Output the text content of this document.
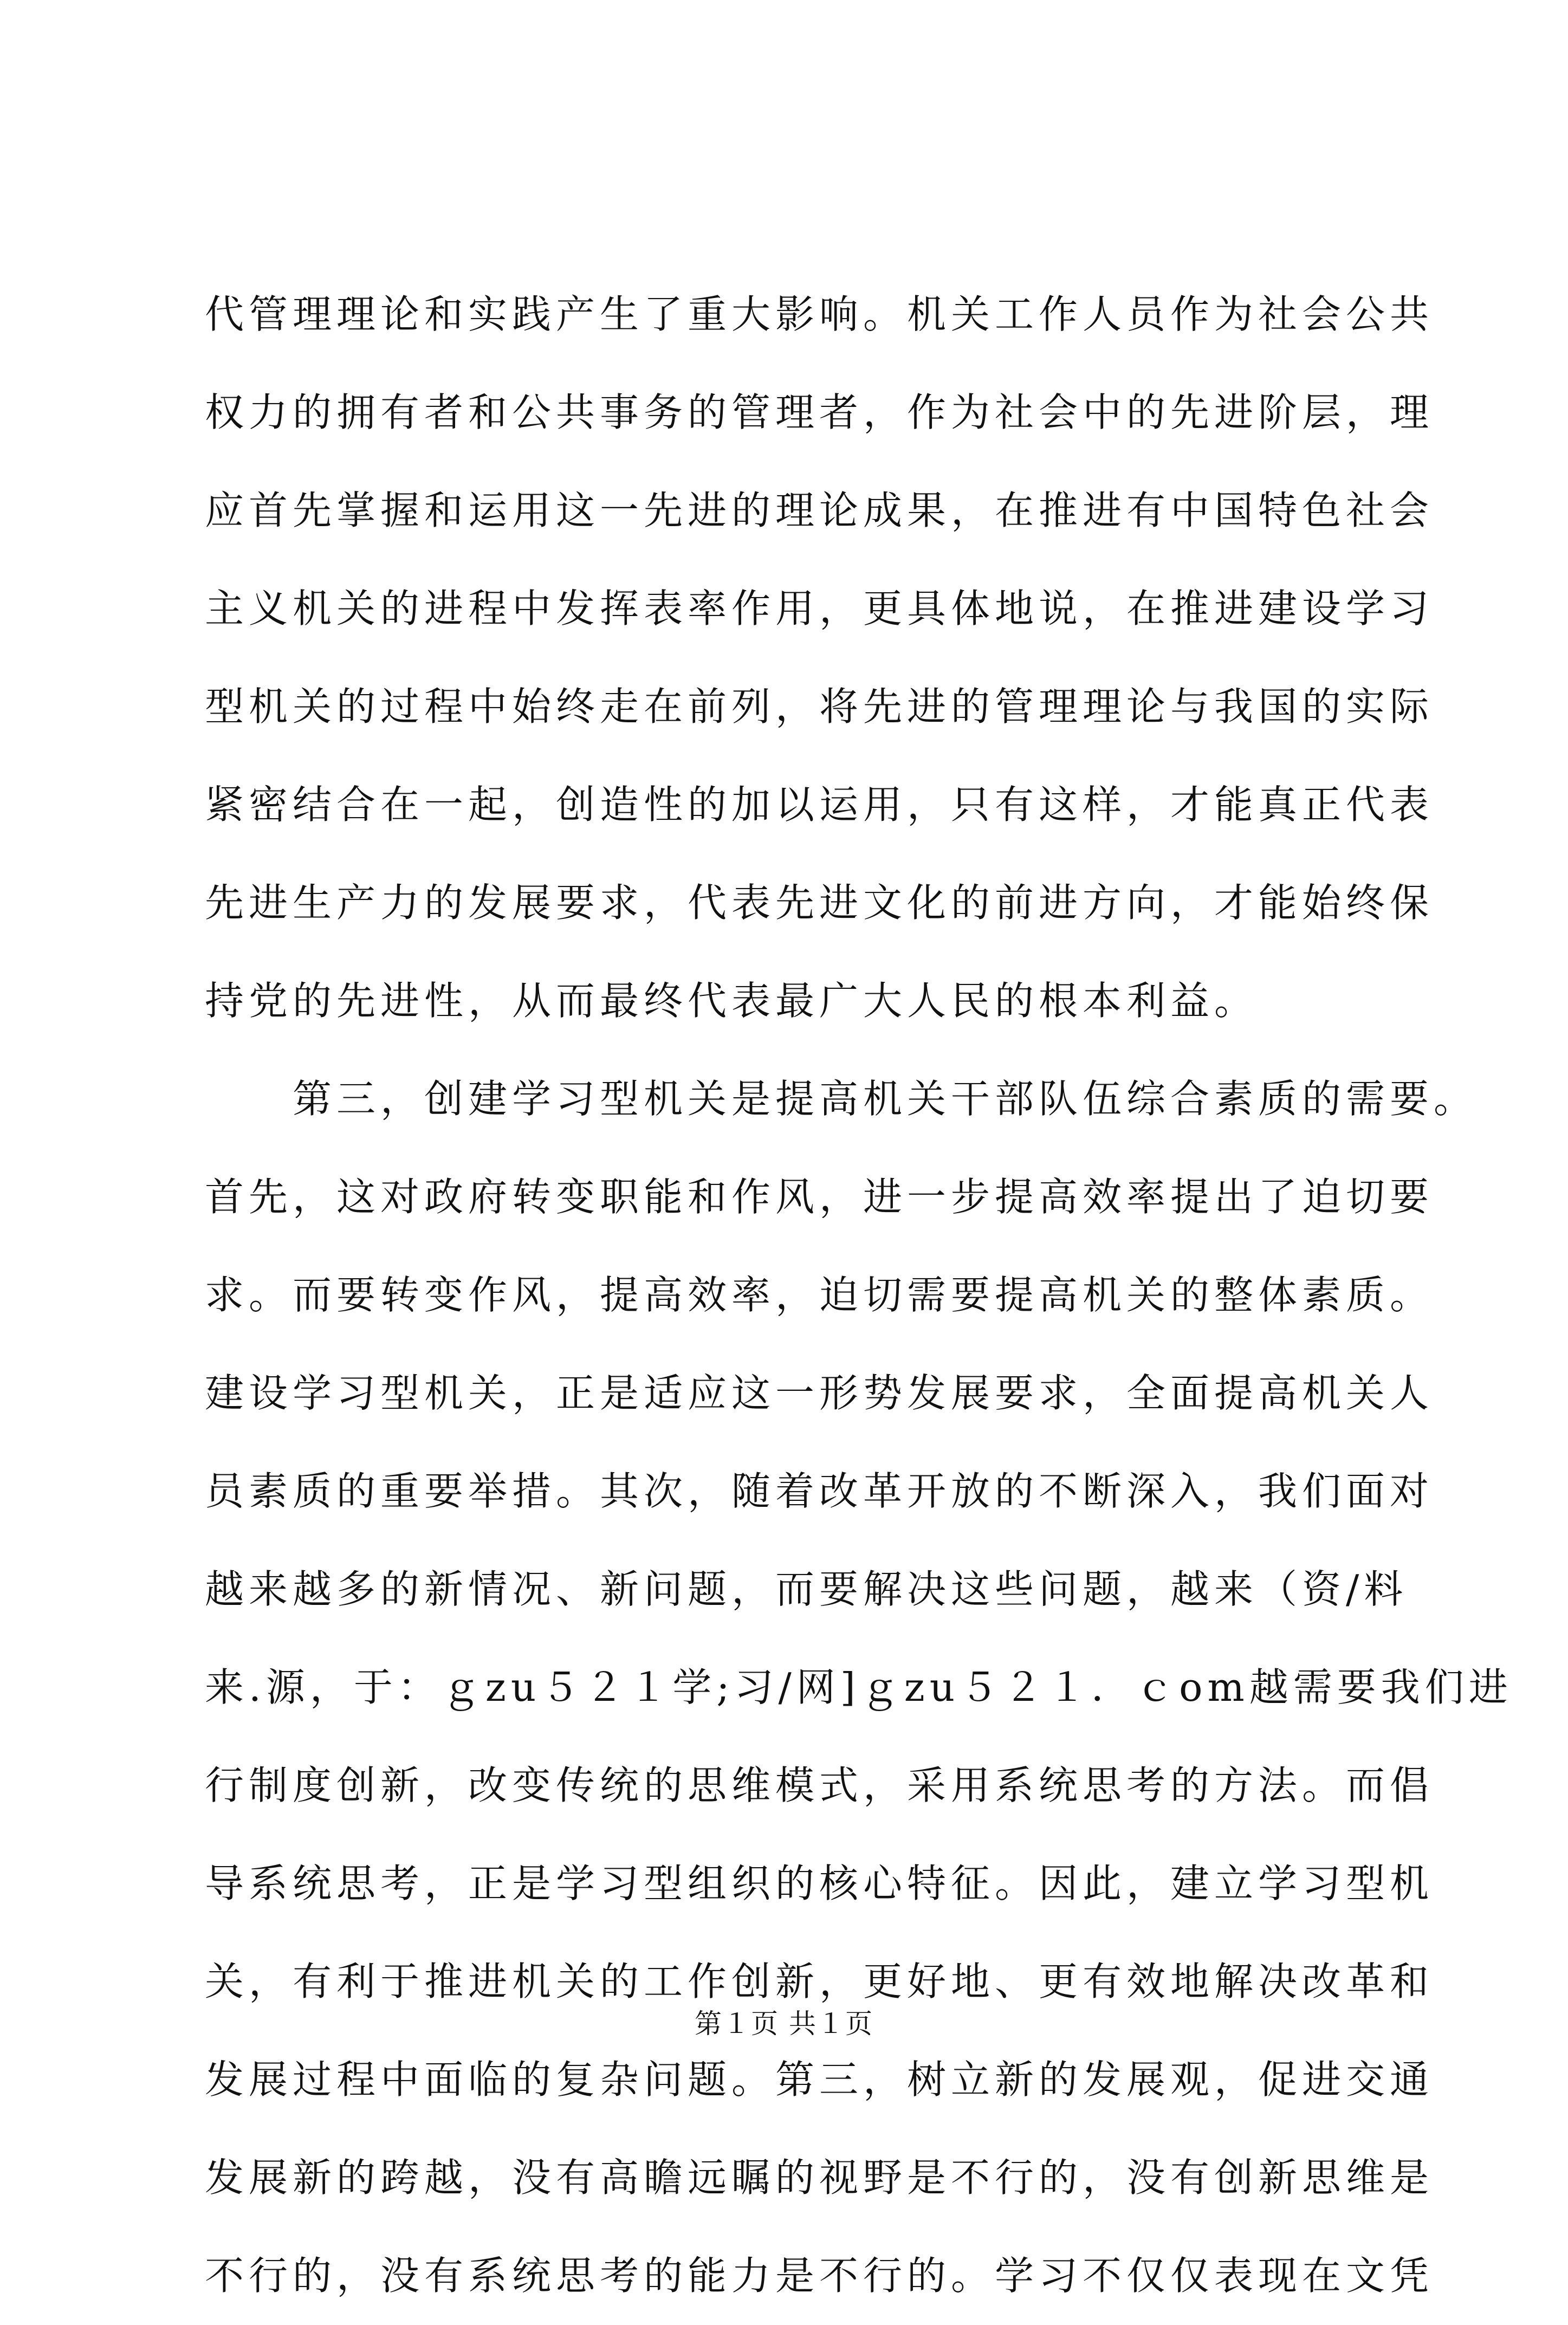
代管理理论和实践产生了重大影响。机关工作人员作为社会公共
权力的拥有者和公共事务的管理者，作为社会中的先进阶层，理
应首先掌握和运用这一先进的理论成果，在推进有中国特色社会
主义机关的进程中发挥表率作用，更具体地说，在推进建设学习
型机关的过程中始终走在前列，将先进的管理理论与我国的实际
紧密结合在一起，创造性的加以运用，只有这样，才能真正代表
先进生产力的发展要求，代表先进文化的前进方向，才能始终保
持党的先进性，从而最终代表最广大人民的根本利益。
　　第三，创建学习型机关是提高机关干部队伍综合素质的需要。
首先，这对政府转变职能和作风，进一步提高效率提出了迫切要
求。而要转变作风，提高效率，迫切需要提高机关的整体素质。
建设学习型机关，正是适应这一形势发展要求，全面提高机关人
员素质的重要举措。其次，随着改革开放的不断深入，我们面对
越来越多的新情况、新问题，而要解决这些问题，越来（资/料
来.源，于：ｇzu５２１学;习/网]ｇzu５２１．ｃom越需要我们进
行制度创新，改变传统的思维模式，采用系统思考的方法。而倡
导系统思考，正是学习型组织的核心特征。因此，建立学习型机
关，有利于推进机关的工作创新，更好地、更有效地解决改革和
发展过程中面临的复杂问题。第三，树立新的发展观，促进交通
发展新的跨越，没有高瞻远瞩的视野是不行的，没有创新思维是
不行的，没有系统思考的能力是不行的。学习不仅仅表现在文凭
第１页 共１页
